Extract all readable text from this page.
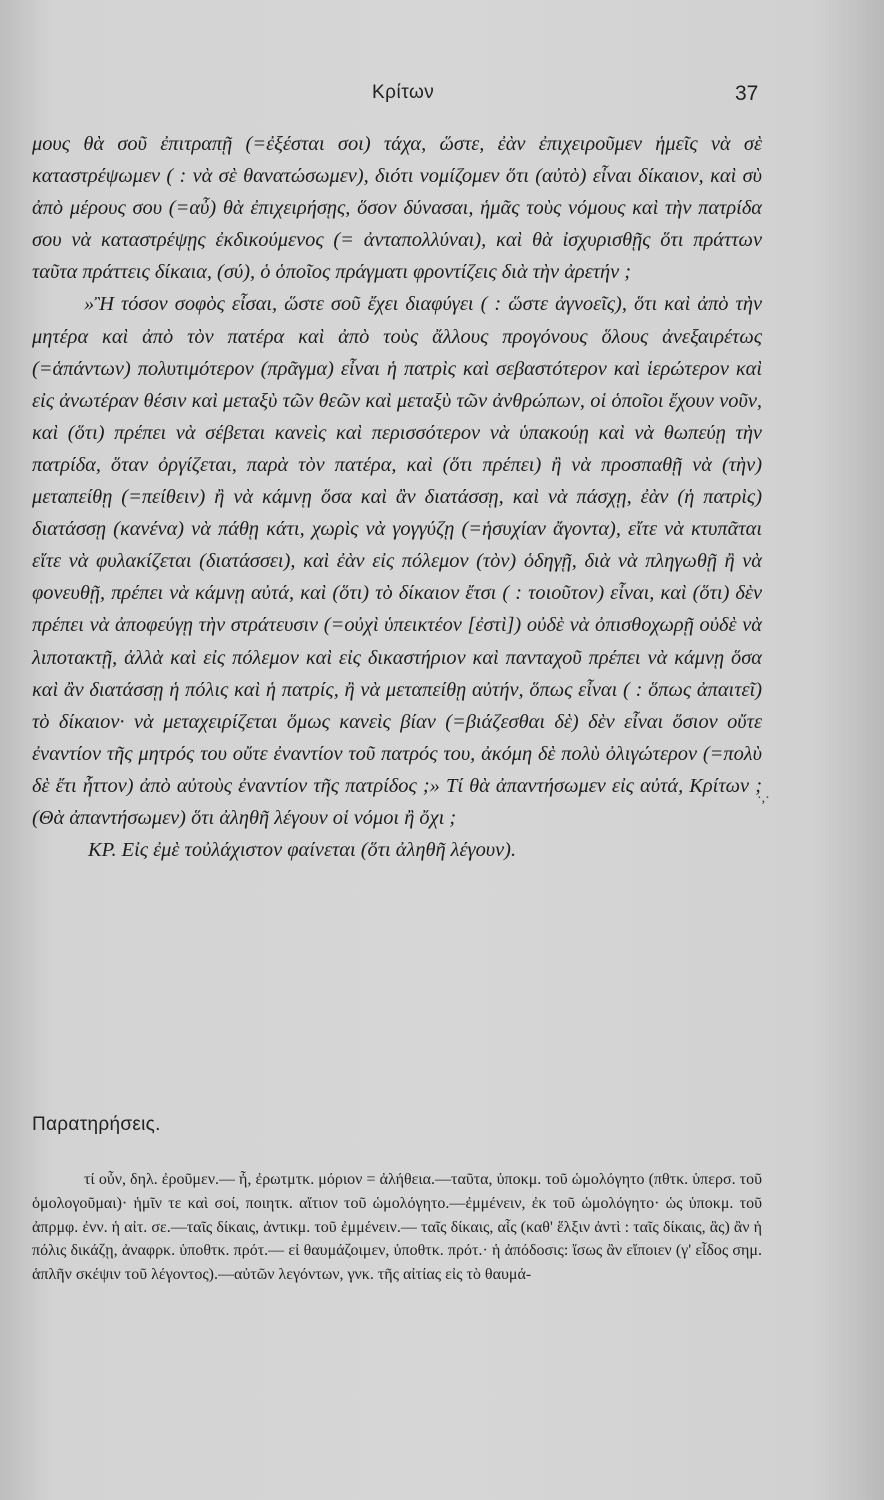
Κρίτων	37

μους θὰ σοῦ ἐπιτραπῇ (=ἐξέσται σοι) τάχα, ὥστε, ἐὰν ἐπιχειροῦμεν ἡμεῖς νὰ σὲ καταστρέψωμεν ( : νὰ σὲ θανατώσωμεν), διότι νομίζομεν ὅτι (αὐτὸ) εἶναι δίκαιον, καὶ σὺ ἀπὸ μέρους σου (=αὖ) θὰ ἐπιχειρήσῃς, ὅσον δύνασαι, ἡμᾶς τοὺς νόμους καὶ τὴν πατρίδα σου νὰ καταστρέψῃς ἐκδικούμενος (= ἀνταπολλύναι), καὶ θὰ ἰσχυρισθῇς ὅτι πράττων ταῦτα πράττεις δίκαια, (σύ), ὁ ὁποῖος πράγματι φροντίζεις διὰ τὴν ἀρετήν ;

»Ἢ τόσον σοφὸς εἶσαι, ὥστε σοῦ ἔχει διαφύγει ( : ὥστε ἀγνοεῖς), ὅτι καὶ ἀπὸ τὴν μητέρα καὶ ἀπὸ τὸν πατέρα καὶ ἀπὸ τοὺς ἄλλους προγόνους ὅλους ἀνεξαιρέτως (=ἁπάντων) πολυτιμότερον (πρᾶγμα) εἶναι ἡ πατρὶς καὶ σεβαστότερον καὶ ἱερώτερον καὶ εἰς ἀνωτέραν θέσιν καὶ μεταξὺ τῶν θεῶν καὶ μεταξὺ τῶν ἀνθρώπων, οἱ ὁποῖοι ἔχουν νοῦν, καὶ (ὅτι) πρέπει νὰ σέβεται κανεὶς καὶ περισσότερον νὰ ὑπακούῃ καὶ νὰ θωπεύῃ τὴν πατρίδα, ὅταν ὀργίζεται, παρὰ τὸν πατέρα, καὶ (ὅτι πρέπει) ἢ νὰ προσπαθῇ νὰ (τὴν) μεταπείθῃ (=πείθειν) ἢ νὰ κάμνῃ ὅσα καὶ ἂν διατάσσῃ, καὶ νὰ πάσχῃ, ἐὰν (ἡ πατρὶς) διατάσσῃ (κανένα) νὰ πάθῃ κάτι, χωρὶς νὰ γογγύζῃ (=ἡσυχίαν ἄγοντα), εἴτε νὰ κτυπᾶται εἴτε νὰ φυλακίζεται (διατάσσει), καὶ ἐὰν εἰς πόλεμον (τὸν) ὁδηγῇ, διὰ νὰ πληγωθῇ ἢ νὰ φονευθῇ, πρέπει νὰ κάμνῃ αὐτά, καὶ (ὅτι) τὸ δίκαιον ἔτσι ( : τοιοῦτον) εἶναι, καὶ (ὅτι) δὲν πρέπει νὰ ἀποφεύγῃ τὴν στράτευσιν (=οὐχὶ ὑπεικτέον [ἐστὶ]) οὐδὲ νὰ ὀπισθοχωρῇ οὐδὲ νὰ λιποτακτῇ, ἀλλὰ καὶ εἰς πόλεμον καὶ εἰς δικαστήριον καὶ πανταχοῦ πρέπει νὰ κάμνῃ ὅσα καὶ ἂν διατάσσῃ ἡ πόλις καὶ ἡ πατρίς, ἢ νὰ μεταπείθῃ αὐτήν, ὅπως εἶναι ( : ὅπως ἀπαιτεῖ) τὸ δίκαιον· νὰ μεταχειρίζεται ὅμως κανεὶς βίαν (=βιάζεσθαι δὲ) δὲν εἶναι ὅσιον οὔτε ἐναντίον τῆς μητρός του οὔτε ἐναντίον τοῦ πατρός του, ἀκόμη δὲ πολὺ ὀλιγώτερον (=πολὺ δὲ ἔτι ἧττον) ἀπὸ αὐτοὺς ἐναντίον τῆς πατρίδος ;» Τί θὰ ἀπαντήσωμεν εἰς αὐτά, Κρίτων ; (Θὰ ἀπαντήσωμεν) ὅτι ἀληθῆ λέγουν οἱ νόμοι ἢ ὄχι ;

ΚΡ. Εἰς ἐμὲ τοὐλάχιστον φαίνεται (ὅτι ἀληθῆ λέγουν).

·,·
Παρατηρήσεις.

τί οὖν, δηλ. ἐροῦμεν.— ἦ, ἐρωτμτκ. μόριον = ἀλήθεια.—ταῦτα, ὑποκμ. τοῦ ὡμολόγητο (πθτκ. ὑπερσ. τοῦ ὁμολογοῦμαι)· ἡμῖν τε καὶ σοί, ποιητκ. αἴτιον τοῦ ὡμολόγητο.—ἐμμένειν, ἐκ τοῦ ὡμολόγητο· ὡς ὑποκμ. τοῦ ἀπρμφ. ἐνν. ἡ αἰτ. σε.—ταῖς δίκαις, ἀντικμ. τοῦ ἐμμένειν.— ταῖς δίκαις, αἷς (καθ' ἕλξιν ἀντὶ : ταῖς δίκαις, ἃς) ἂν ἡ πόλις δικάζῃ, ἀναφρκ. ὑποθτκ. πρότ.— εἰ θαυμάζοιμεν, ὑποθτκ. πρότ.· ἡ ἀπόδοσις: ἴσως ἂν εἴποιεν (γ' εἶδος σημ. ἁπλῆν σκέψιν τοῦ λέγοντος).—αὐτῶν λεγόντων, γνκ. τῆς αἰτίας εἰς τὸ θαυμά-
